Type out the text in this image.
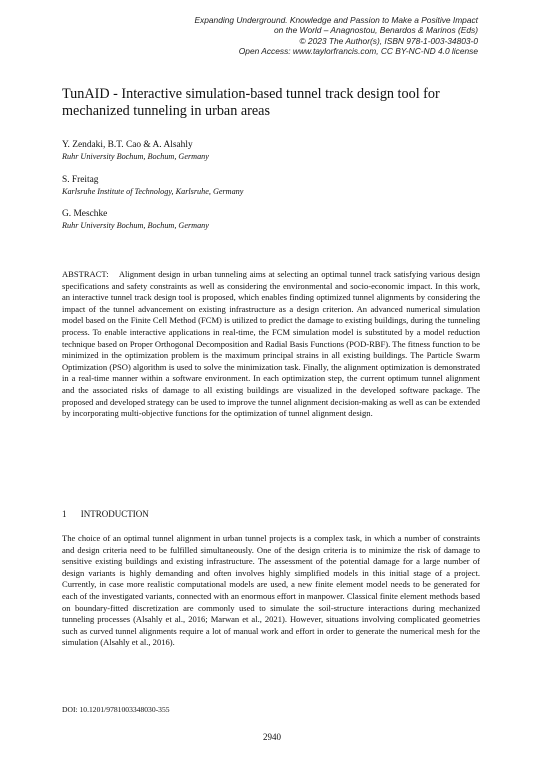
Expanding Underground. Knowledge and Passion to Make a Positive Impact
on the World – Anagnostou, Benardos & Marinos (Eds)
© 2023 The Author(s), ISBN 978-1-003-34803-0
Open Access: www.taylorfrancis.com, CC BY-NC-ND 4.0 license
TunAID - Interactive simulation-based tunnel track design tool for mechanized tunneling in urban areas
Y. Zendaki, B.T. Cao & A. Alsahly
Ruhr University Bochum, Bochum, Germany
S. Freitag
Karlsruhe Institute of Technology, Karlsruhe, Germany
G. Meschke
Ruhr University Bochum, Bochum, Germany
ABSTRACT: Alignment design in urban tunneling aims at selecting an optimal tunnel track satisfying various design specifications and safety constraints as well as considering the environmental and socio-economic impact. In this work, an interactive tunnel track design tool is proposed, which enables finding optimized tunnel alignments by considering the impact of the tunnel advancement on existing infrastructure as a design criterion. An advanced numerical simulation model based on the Finite Cell Method (FCM) is utilized to predict the damage to existing buildings, during the tunneling process. To enable interactive applications in real-time, the FCM simulation model is substituted by a model reduction technique based on Proper Orthogonal Decomposition and Radial Basis Functions (POD-RBF). The fitness function to be minimized in the optimization problem is the maximum principal strains in all existing buildings. The Particle Swarm Optimization (PSO) algorithm is used to solve the minimization task. Finally, the alignment optimization is demonstrated in a real-time manner within a software environment. In each optimization step, the current optimum tunnel alignment and the associated risks of damage to all existing buildings are visualized in the developed software package. The proposed and developed strategy can be used to improve the tunnel alignment decision-making as well as can be extended by incorporating multi-objective functions for the optimization of tunnel alignment design.
1 INTRODUCTION
The choice of an optimal tunnel alignment in urban tunnel projects is a complex task, in which a number of constraints and design criteria need to be fulfilled simultaneously. One of the design criteria is to minimize the risk of damage to sensitive existing buildings and existing infrastructure. The assessment of the potential damage for a large number of design variants is highly demanding and often involves highly simplified models in this initial stage of a project. Currently, in case more realistic computational models are used, a new finite element model needs to be generated for each of the investigated variants, connected with an enormous effort in manpower. Classical finite element methods based on boundary-fitted discretization are commonly used to simulate the soil-structure interactions during mechanized tunneling processes (Alsahly et al., 2016; Marwan et al., 2021). However, situations involving complicated geometries such as curved tunnel alignments require a lot of manual work and effort in order to generate the numerical mesh for the simulation (Alsahly et al., 2016).
DOI: 10.1201/9781003348030-355
2940
